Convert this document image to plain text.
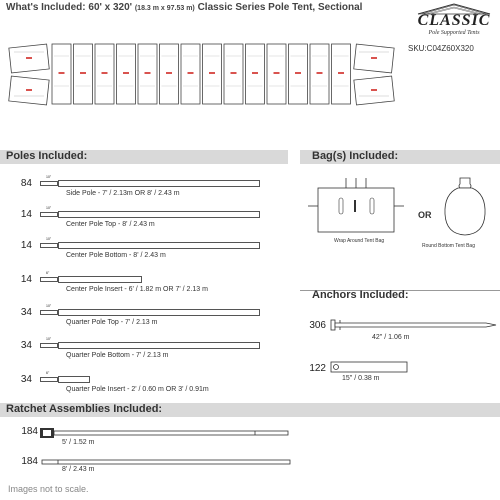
What's Included: 60' x 320' (18.3 m x 97.53 m) Classic Series Pole Tent, Sectional
CLASSIC
Pole Supported Tents
SKU:C04Z60X320
Poles Included:
84
10"
Side Pole - 7' / 2.13m OR 8' / 2.43 m
14
10"
Center Pole Top - 8' / 2.43 m
14
10"
Center Pole Bottom - 8' / 2.43 m
14
6"
Center Pole Insert - 6' / 1.82 m OR 7' / 2.13 m
34
10"
Quarter Pole Top - 7' / 2.13 m
34
10"
Quarter Pole Bottom - 7' / 2.13 m
34
6"
Quarter Pole Insert - 2' / 0.60 m OR 3' / 0.91m
Bag(s) Included:
Wrap Around Tent Bag
OR
Round Bottom Tent Bag
Anchors Included:
306
42" / 1.06 m
122
15" / 0.38 m
Ratchet Assemblies Included:
184
5' / 1.52 m
184
8' / 2.43 m
Images not to scale.
